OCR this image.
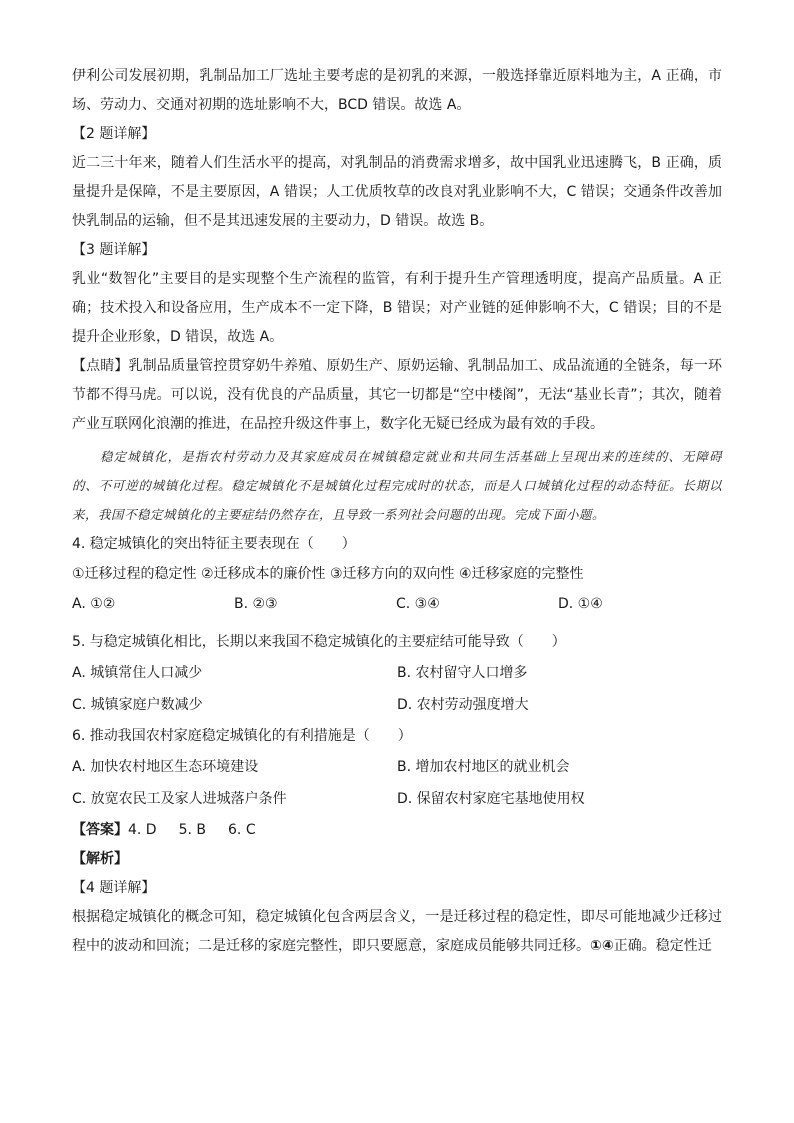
伊利公司发展初期，乳制品加工厂选址主要考虑的是初乳的来源，一般选择靠近原料地为主，A 正确，市场、劳动力、交通对初期的选址影响不大，BCD 错误。故选 A。

【2 题详解】

近二三十年来，随着人们生活水平的提高，对乳制品的消费需求增多，故中国乳业迅速腾飞，B 正确，质量提升是保障，不是主要原因，A 错误；人工优质牧草的改良对乳业影响不大，C 错误；交通条件改善加快乳制品的运输，但不是其迅速发展的主要动力，D 错误。故选 B。

【3 题详解】

乳业“数智化”主要目的是实现整个生产流程的监管，有利于提升生产管理透明度，提高产品质量。A 正确；技术投入和设备应用，生产成本不一定下降，B 错误；对产业链的延伸影响不大，C 错误；目的不是提升企业形象，D 错误，故选 A。

【点睛】乳制品质量管控贯穿奶牛养殖、原奶生产、原奶运输、乳制品加工、成品流通的全链条，每一环节都不得马虎。可以说，没有优良的产品质量，其它一切都是“空中楼阁”，无法“基业长青”；其次，随着产业互联网化浪潮的推进，在品控升级这件事上，数字化无疑已经成为最有效的手段。

稳定城镇化，是指农村劳动力及其家庭成员在城镇稳定就业和共同生活基础上呈现出来的连续的、无障碍的、不可逆的城镇化过程。稳定城镇化不是城镇化过程完成时的状态，而是人口城镇化过程的动态特征。长期以来，我国不稳定城镇化的主要症结仍然存在，且导致一系列社会问题的出现。完成下面小题。

4. 稳定城镇化的突出特征主要表现在（　　）

①迁移过程的稳定性 ②迁移成本的廉价性 ③迁移方向的双向性 ④迁移家庭的完整性

A. ①②	B. ②③	C. ③④	D. ①④

5. 与稳定城镇化相比，长期以来我国不稳定城镇化的主要症结可能导致（　　）

A. 城镇常住人口减少	B. 农村留守人口增多
C. 城镇家庭户数减少	D. 农村劳动强度增大

6. 推动我国农村家庭稳定城镇化的有利措施是（　　）

A. 加快农村地区生态环境建设	B. 增加农村地区的就业机会
C. 放宽农民工及家人进城落户条件	D. 保留农村家庭宅基地使用权

【答案】4. D 5. B 6. C

【解析】

【4 题详解】

根据稳定城镇化的概念可知，稳定城镇化包含两层含义，一是迁移过程的稳定性，即尽可能地减少迁移过程中的波动和回流；二是迁移的家庭完整性，即只要愿意，家庭成员能够共同迁移。①④正确。稳定性迁
